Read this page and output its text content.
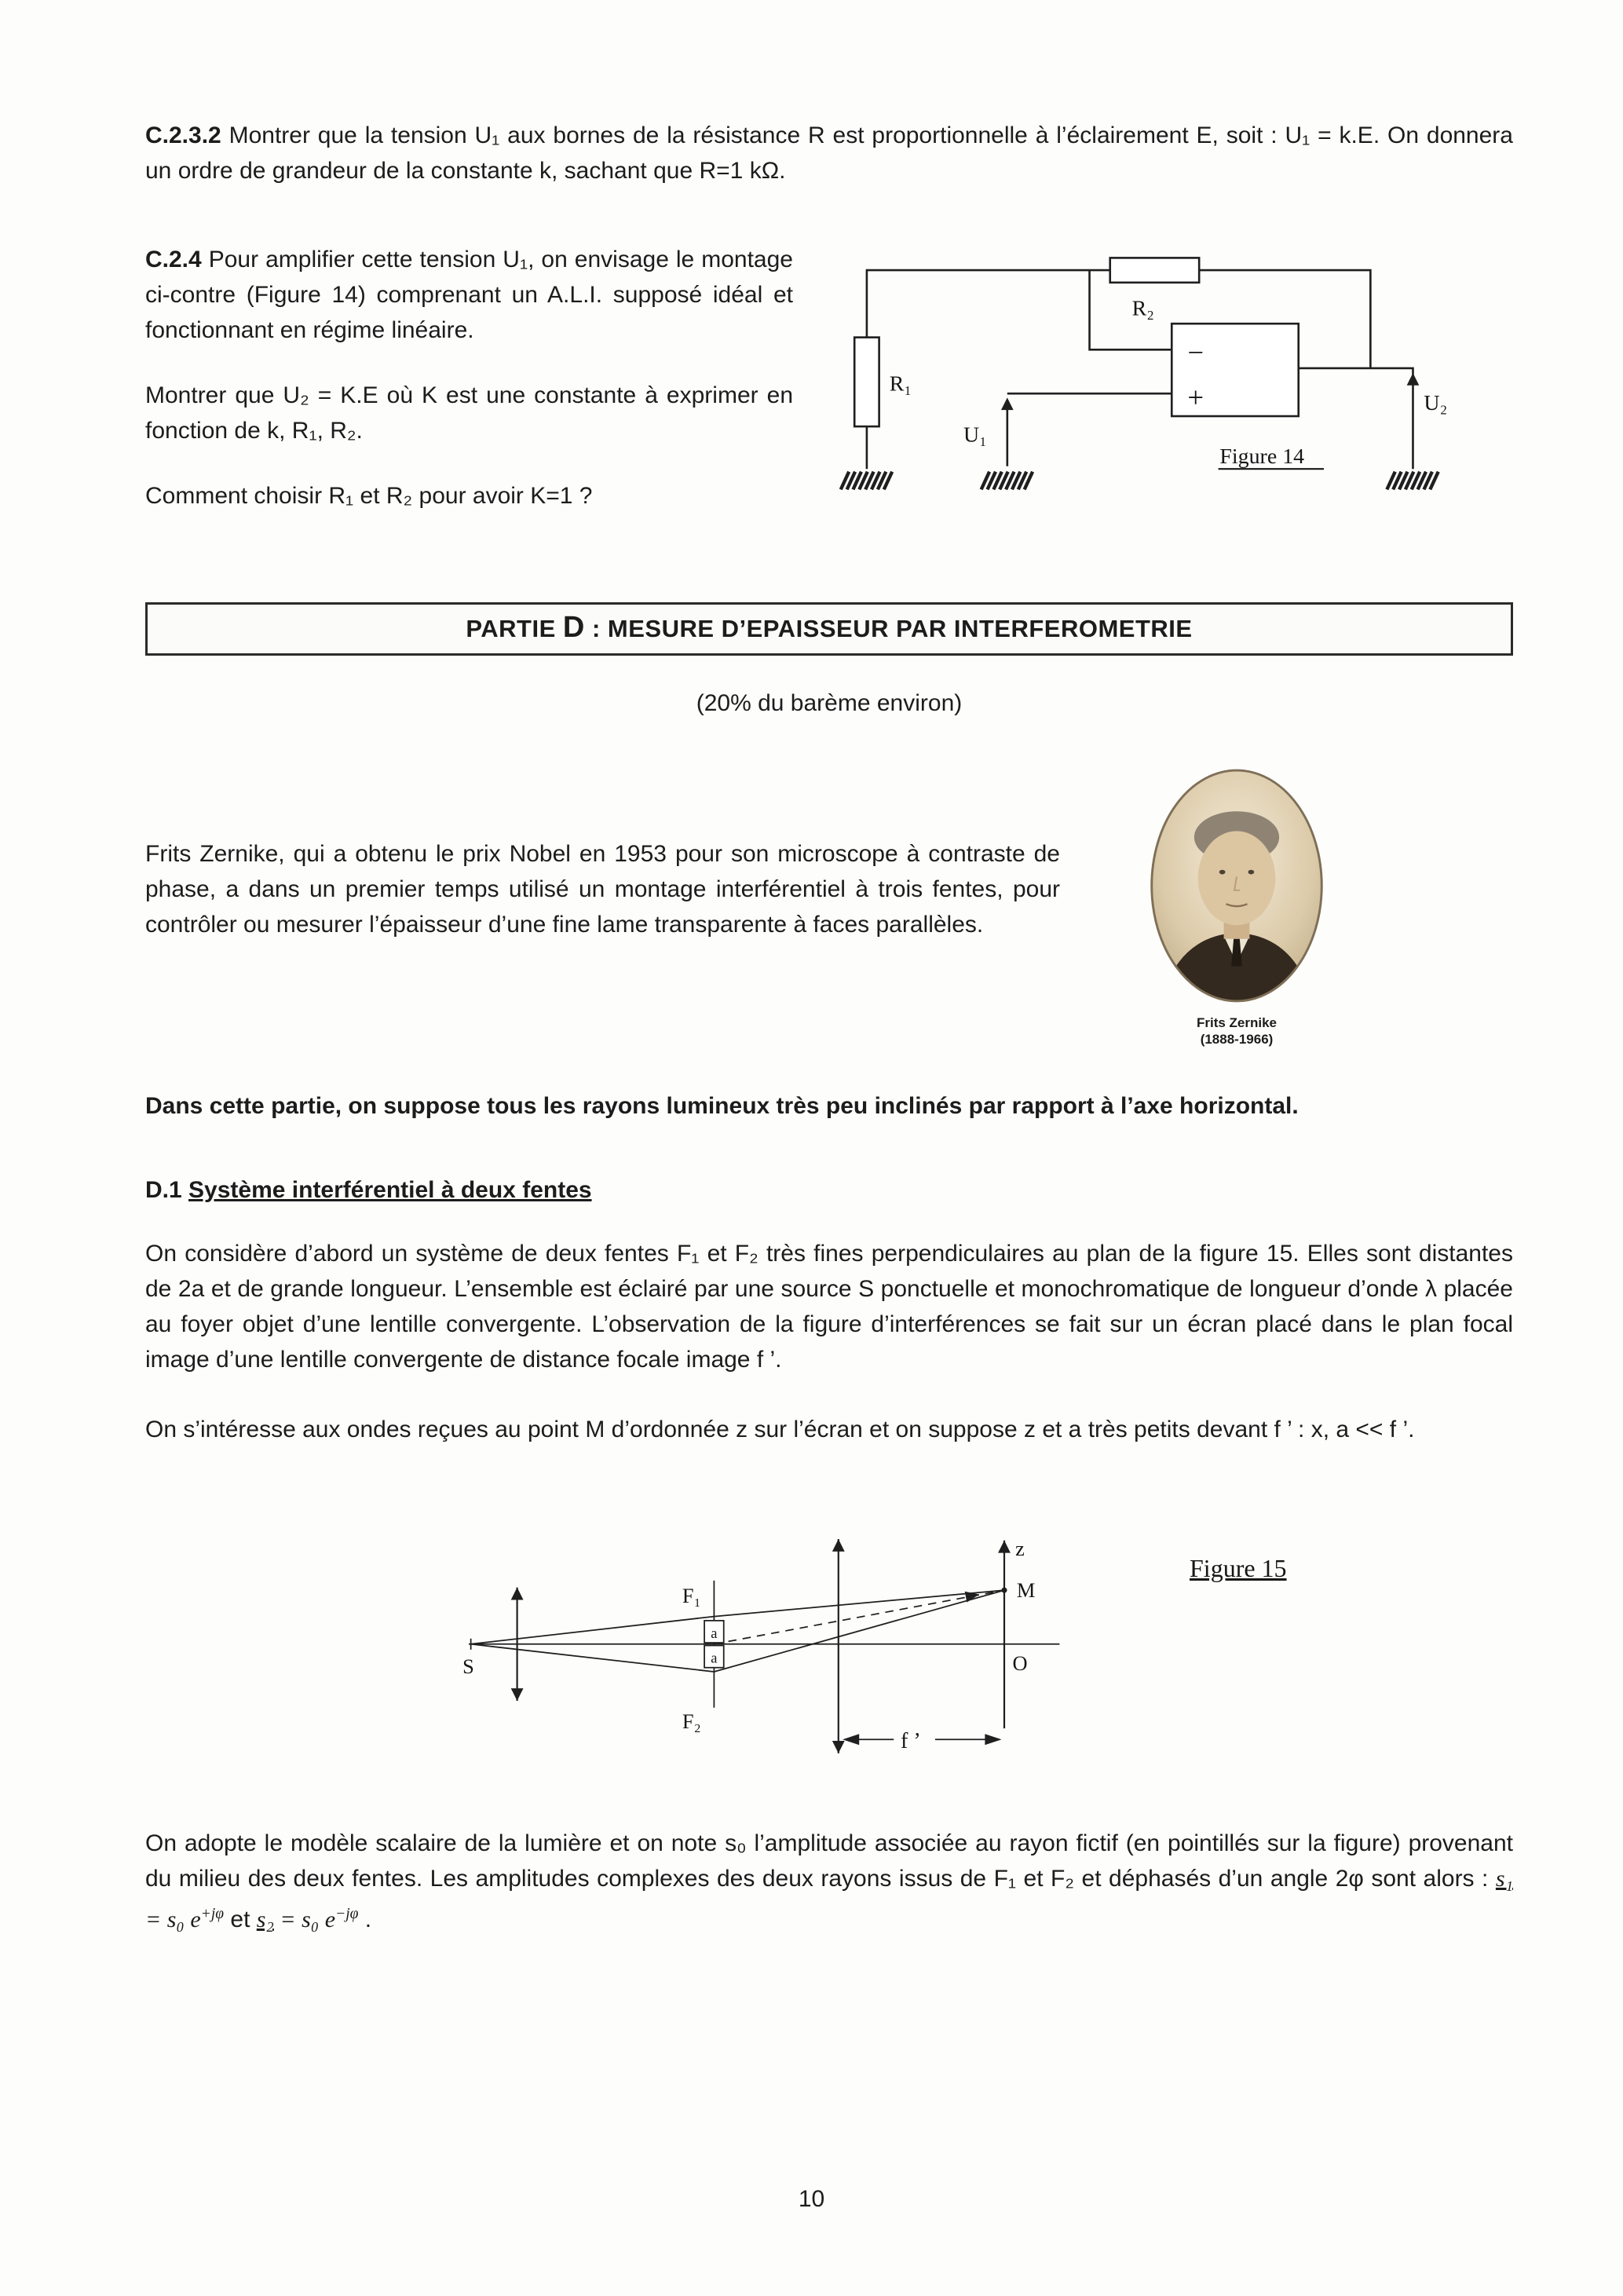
C.2.3.2 Montrer que la tension U₁ aux bornes de la résistance R est proportionnelle à l’éclairement E, soit : U₁ = k.E. On donnera un ordre de grandeur de la constante k, sachant que R=1 kΩ.

C.2.4 Pour amplifier cette tension U₁, on envisage le montage ci-contre (Figure 14) comprenant un A.L.I. supposé idéal et fonctionnant en régime linéaire.

Montrer que U₂ = K.E où K est une constante à exprimer en fonction de k, R₁, R₂.

Comment choisir R₁ et R₂ pour avoir K=1 ?

R₁
R₂
U₁
U₂
−
+
Figure 14
PARTIE D : MESURE D’EPAISSEUR PAR INTERFEROMETRIE

(20% du barème environ)

Frits Zernike, qui a obtenu le prix Nobel en 1953 pour son microscope à contraste de phase, a dans un premier temps utilisé un montage interférentiel à trois fentes, pour contrôler ou mesurer l’épaisseur d’une fine lame transparente à faces parallèles.

Frits Zernike
(1888-1966)

Dans cette partie, on suppose tous les rayons lumineux très peu inclinés par rapport à l’axe horizontal.

D.1 Système interférentiel à deux fentes

On considère d’abord un système de deux fentes F₁ et F₂ très fines perpendiculaires au plan de la figure 15. Elles sont distantes de 2a et de grande longueur. L’ensemble est éclairé par une source S ponctuelle et monochromatique de longueur d’onde λ placée au foyer objet d’une lentille convergente. L’observation de la figure d’interférences se fait sur un écran placé dans le plan focal image d’une lentille convergente de distance focale image f ’.

On s’intéresse aux ondes reçues au point M d’ordonnée z sur l’écran et on suppose z et a très petits devant f ’ : x, a << f ’.

S
F₁
F₂
a
a
z
M
O
f ’
Figure 15

On adopte le modèle scalaire de la lumière et on note s₀ l’amplitude associée au rayon fictif (en pointillés sur la figure) provenant du milieu des deux fentes. Les amplitudes complexes des deux rayons issus de F₁ et F₂ et déphasés d’un angle 2φ sont alors : s₁ = s₀ $e^{+j\varphi}$ et s₂ = s₀ $e^{-j\varphi}$ .

10
